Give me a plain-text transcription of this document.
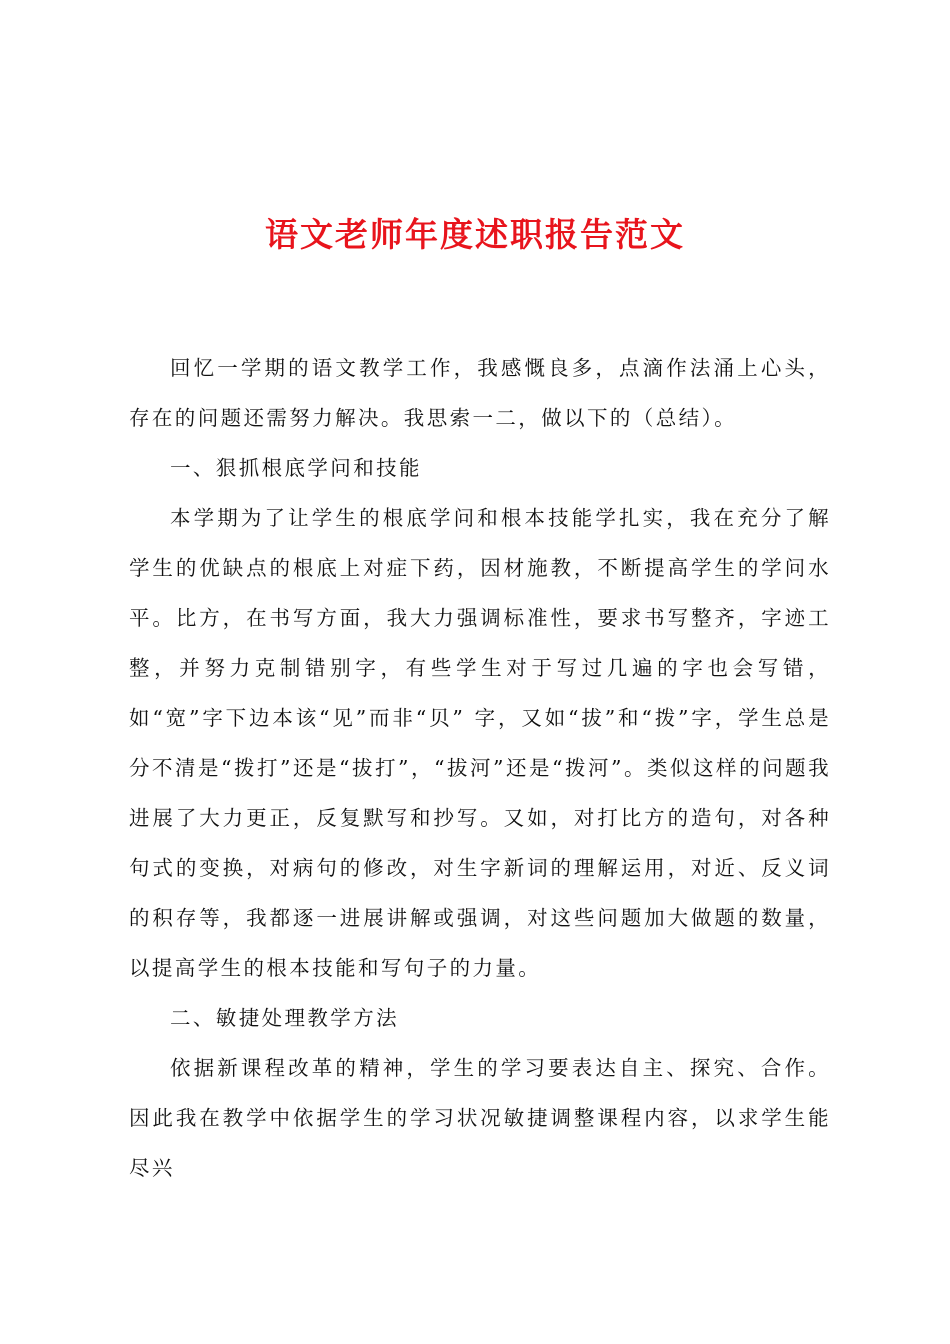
语文老师年度述职报告范文

回忆一学期的语文教学工作，我感慨良多，点滴作法涌上心头，存在的问题还需努力解决。我思索一二，做以下的（总结）。

一、狠抓根底学问和技能

本学期为了让学生的根底学问和根本技能学扎实，我在充分了解学生的优缺点的根底上对症下药，因材施教，不断提高学生的学问水平。比方，在书写方面，我大力强调标准性，要求书写整齐，字迹工整，并努力克制错别字，有些学生对于写过几遍的字也会写错，如“宽”字下边本该“见”而非“贝” 字，又如“拔”和“拨”字，学生总是分不清是“拨打”还是“拔打”，“拔河”还是“拨河”。类似这样的问题我进展了大力更正，反复默写和抄写。又如，对打比方的造句，对各种句式的变换，对病句的修改，对生字新词的理解运用，对近、反义词的积存等，我都逐一进展讲解或强调，对这些问题加大做题的数量，以提高学生的根本技能和写句子的力量。

二、敏捷处理教学方法

依据新课程改革的精神，学生的学习要表达自主、探究、合作。因此我在教学中依据学生的学习状况敏捷调整课程内容，以求学生能尽兴
